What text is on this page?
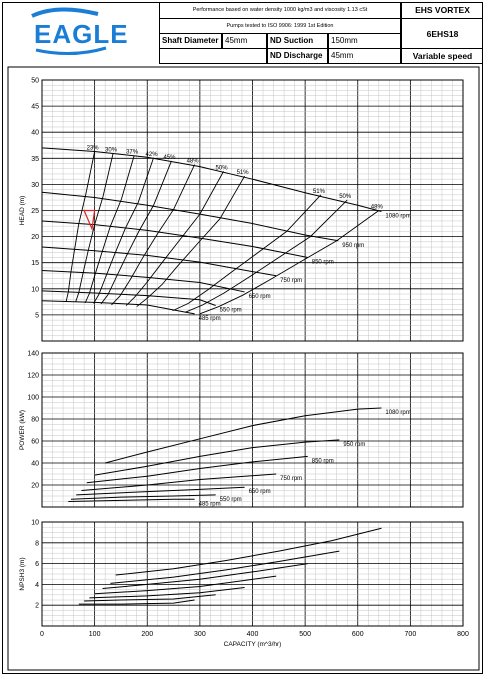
EAGLE
Performance based on water density 1000 kg/m3 and viscosity 1.13 cSt
Pumps tested to ISO 9906: 1999 1st Edition
Shaft Diameter 45mm	ND Suction	150mm
ND Discharge	45mm
EHS VORTEX
6EHS18
Variable speed
5
10
15
20
25
30
35
40
45
50
HEAD (m)
23% 30% 37% 42%
45%
48%
50%
51%
51%
50%
48%
1080 rpm
950 rpm
850 rpm
750 rpm
650 rpm
550 rpm
485 rpm
20
40
60
80
100
120
140
POWER (kW)	1080 rpm
950 rpm
850 rpm
750 rpm
650 rpm
550 rpm
485 rpm
2
4
6
8
10
NPSH3 (m)
0	100	200	300	400	500	600	700	800
CAPACITY (m^3/hr)
